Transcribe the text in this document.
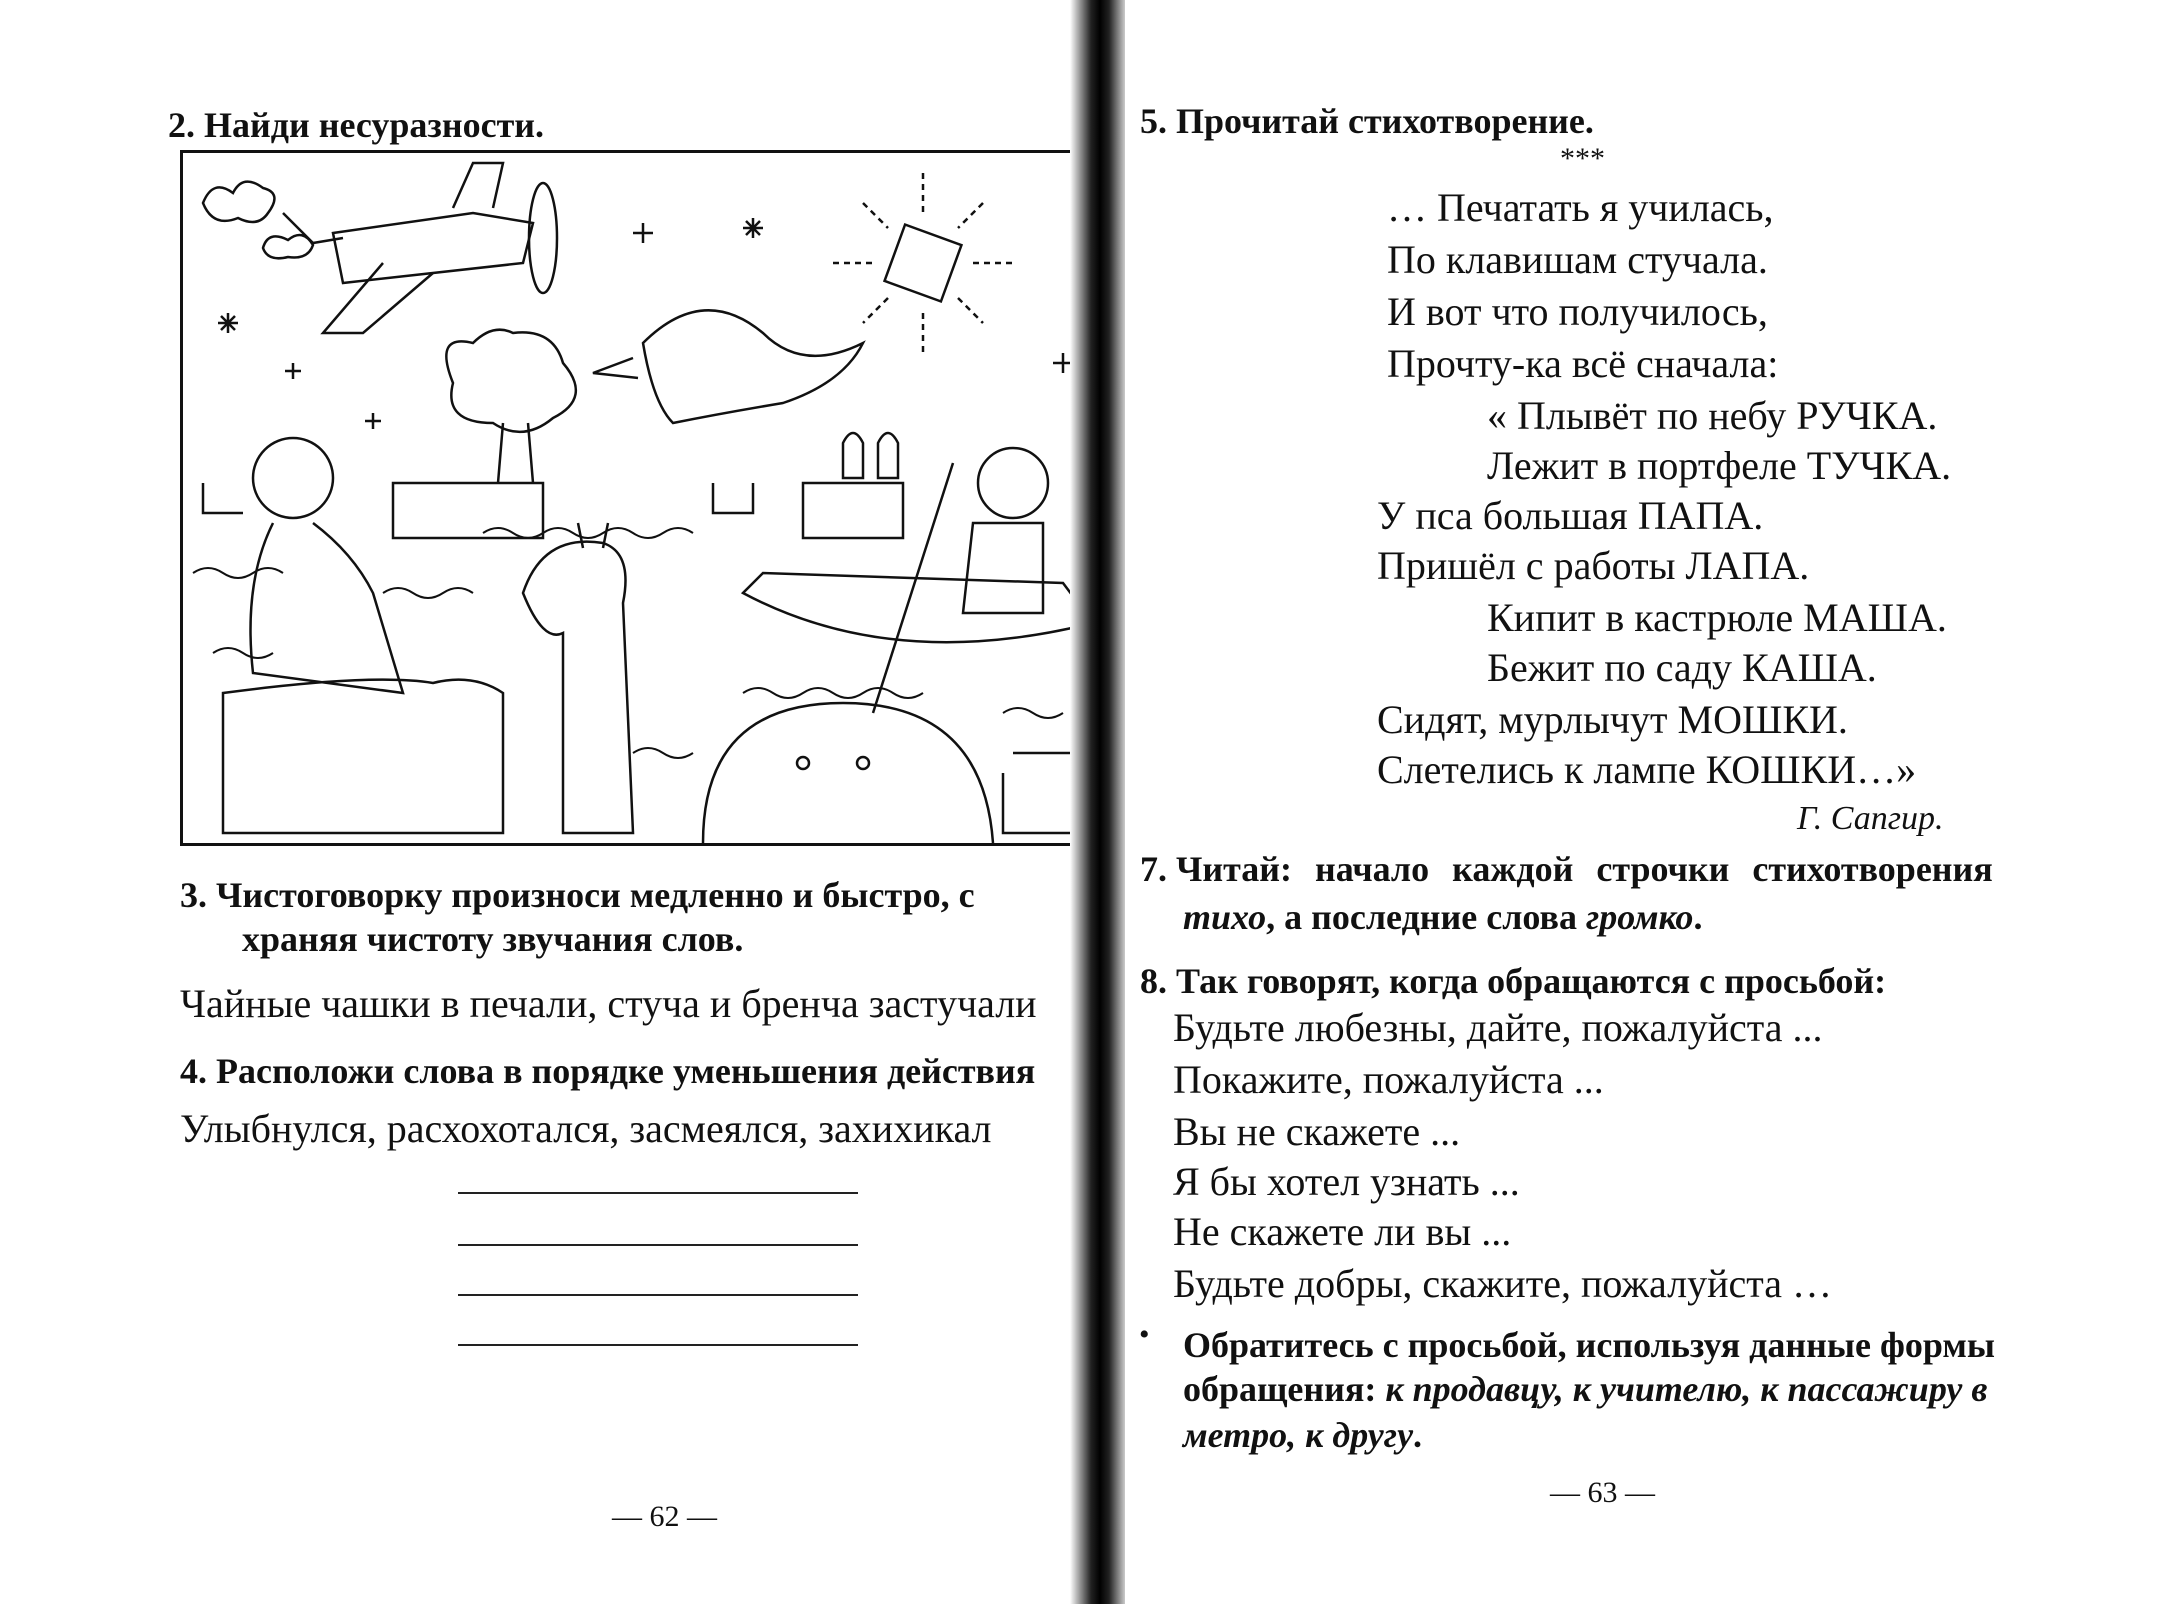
2. Найди несуразности.
3. Чистоговорку произноси медленно и быстро, с
храняя чистоту звучания слов.
Чайные чашки в печали, стуча и бренча застучали
4. Расположи слова в порядке уменьшения действия
Улыбнулся, расхохотался, засмеялся, захихикал
— 62 —
5. Прочитай стихотворение.
***
… Печатать я училась,
По клавишам стучала.
И вот что получилось,
Прочту-ка всё сначала:
« Плывёт по небу РУЧКА.
Лежит в портфеле ТУЧКА.
У пса большая ПАПА.
Пришёл с работы ЛАПА.
Кипит в кастрюле МАША.
Бежит по саду КАША.
Сидят, мурлычут МОШКИ.
Слетелись к лампе КОШКИ…»
Г. Сапгир.
7. Читай: начало каждой строчки стихотворения
тихо, а последние слова громко.
8. Так говорят, когда обращаются с просьбой:
Будьте любезны, дайте, пожалуйста ...
Покажите, пожалуйста ...
Вы не скажете ...
Я бы хотел узнать ...
Не скажете ли вы ...
Будьте добры, скажите, пожалуйста …
• Обратитесь с просьбой, используя данные формы
обращения: к продавцу, к учителю, к пассажиру в
метро, к другу.
— 63 —
